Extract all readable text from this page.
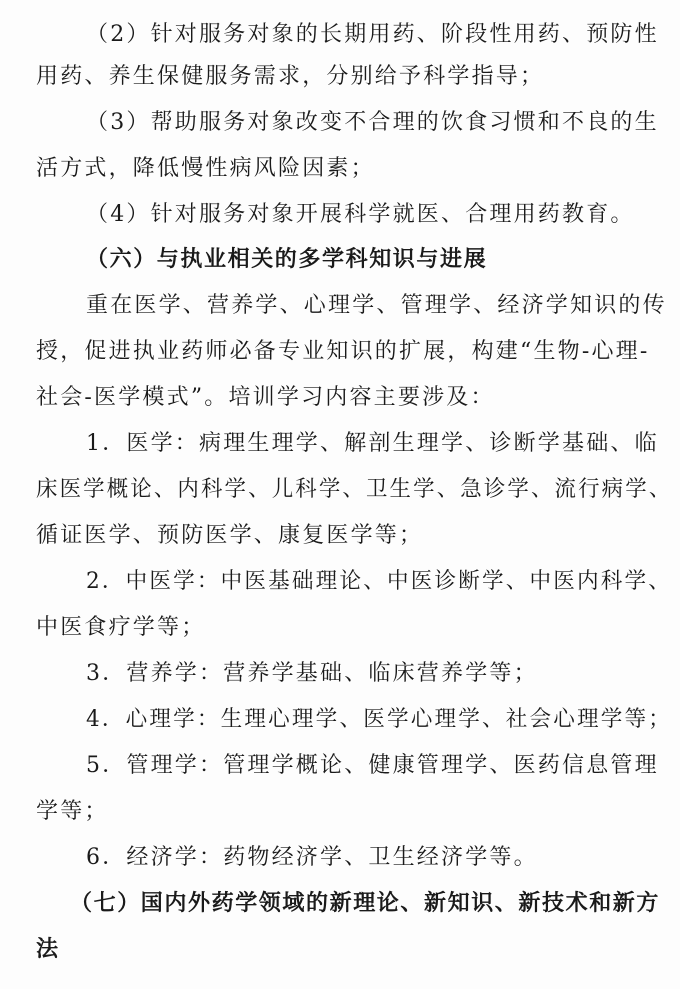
（2）针对服务对象的长期用药、阶段性用药、预防性
用药、养生保健服务需求，分别给予科学指导；
（3）帮助服务对象改变不合理的饮食习惯和不良的生
活方式，降低慢性病风险因素；
（4）针对服务对象开展科学就医、合理用药教育。
（六）与执业相关的多学科知识与进展
重在医学、营养学、心理学、管理学、经济学知识的传
授，促进执业药师必备专业知识的扩展，构建“生物-心理-
社会-医学模式”。培训学习内容主要涉及：
1．医学：病理生理学、解剖生理学、诊断学基础、临
床医学概论、内科学、儿科学、卫生学、急诊学、流行病学、
循证医学、预防医学、康复医学等；
2．中医学：中医基础理论、中医诊断学、中医内科学、
中医食疗学等；
3．营养学：营养学基础、临床营养学等；
4．心理学：生理心理学、医学心理学、社会心理学等；
5．管理学：管理学概论、健康管理学、医药信息管理
学等；
6．经济学：药物经济学、卫生经济学等。
（七）国内外药学领域的新理论、新知识、新技术和新方
法
